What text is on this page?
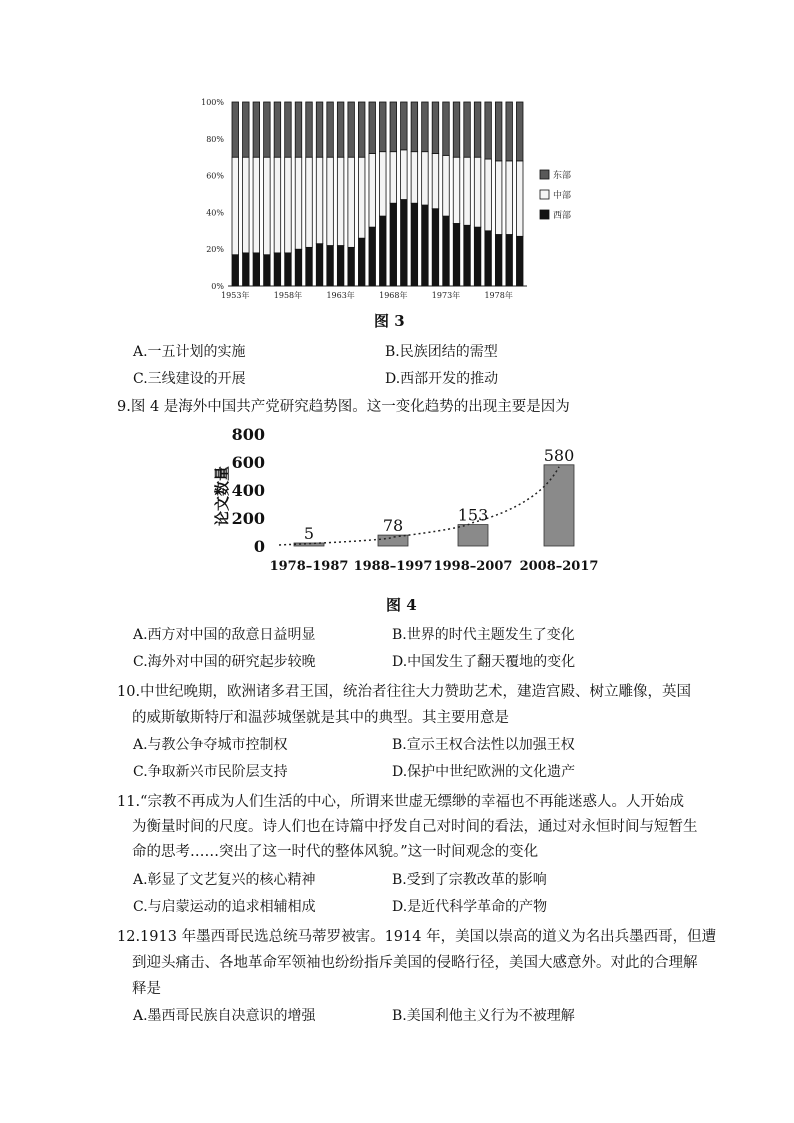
0%
20%
40%
60%
80%
100%
1953年	1958年	1963年	1968年	1973年	1978年
东部
中部
西部
图 3
A.一五计划的实施	B.民族团结的需型
C.三线建设的开展	D.西部开发的推动
9.图 4 是海外中国共产党研究趋势图。这一变化趋势的出现主要是因为
论文数量
0
200
400
600
800
5
1978–1987
78
1988–1997
153
1998–2007
580
2008–2017
图 4
A.西方对中国的敌意日益明显	B.世界的时代主题发生了变化
C.海外对中国的研究起步较晚	D.中国发生了翻天覆地的变化
10.中世纪晚期，欧洲诸多君王国，统治者往往大力赞助艺术，建造宫殿、树立雕像，英国
的威斯敏斯特厅和温莎城堡就是其中的典型。其主要用意是
A.与教公争夺城市控制权	B.宣示王权合法性以加强王权
C.争取新兴市民阶层支持	D.保护中世纪欧洲的文化遗产
11.“宗教不再成为人们生活的中心，所谓来世虚无缥缈的幸福也不再能迷惑人。人开始成
为衡量时间的尺度。诗人们也在诗篇中抒发自己对时间的看法，通过对永恒时间与短暂生
命的思考……突出了这一时代的整体风貌。”这一时间观念的变化
A.彰显了文艺复兴的核心精神	B.受到了宗教改革的影响
C.与启蒙运动的追求相辅相成	D.是近代科学革命的产物
12.1913 年墨西哥民选总统马蒂罗被害。1914 年，美国以崇高的道义为名出兵墨西哥，但遭
到迎头痛击、各地革命军领袖也纷纷指斥美国的侵略行径，美国大感意外。对此的合理解
释是
A.墨西哥民族自决意识的增强	B.美国利他主义行为不被理解
